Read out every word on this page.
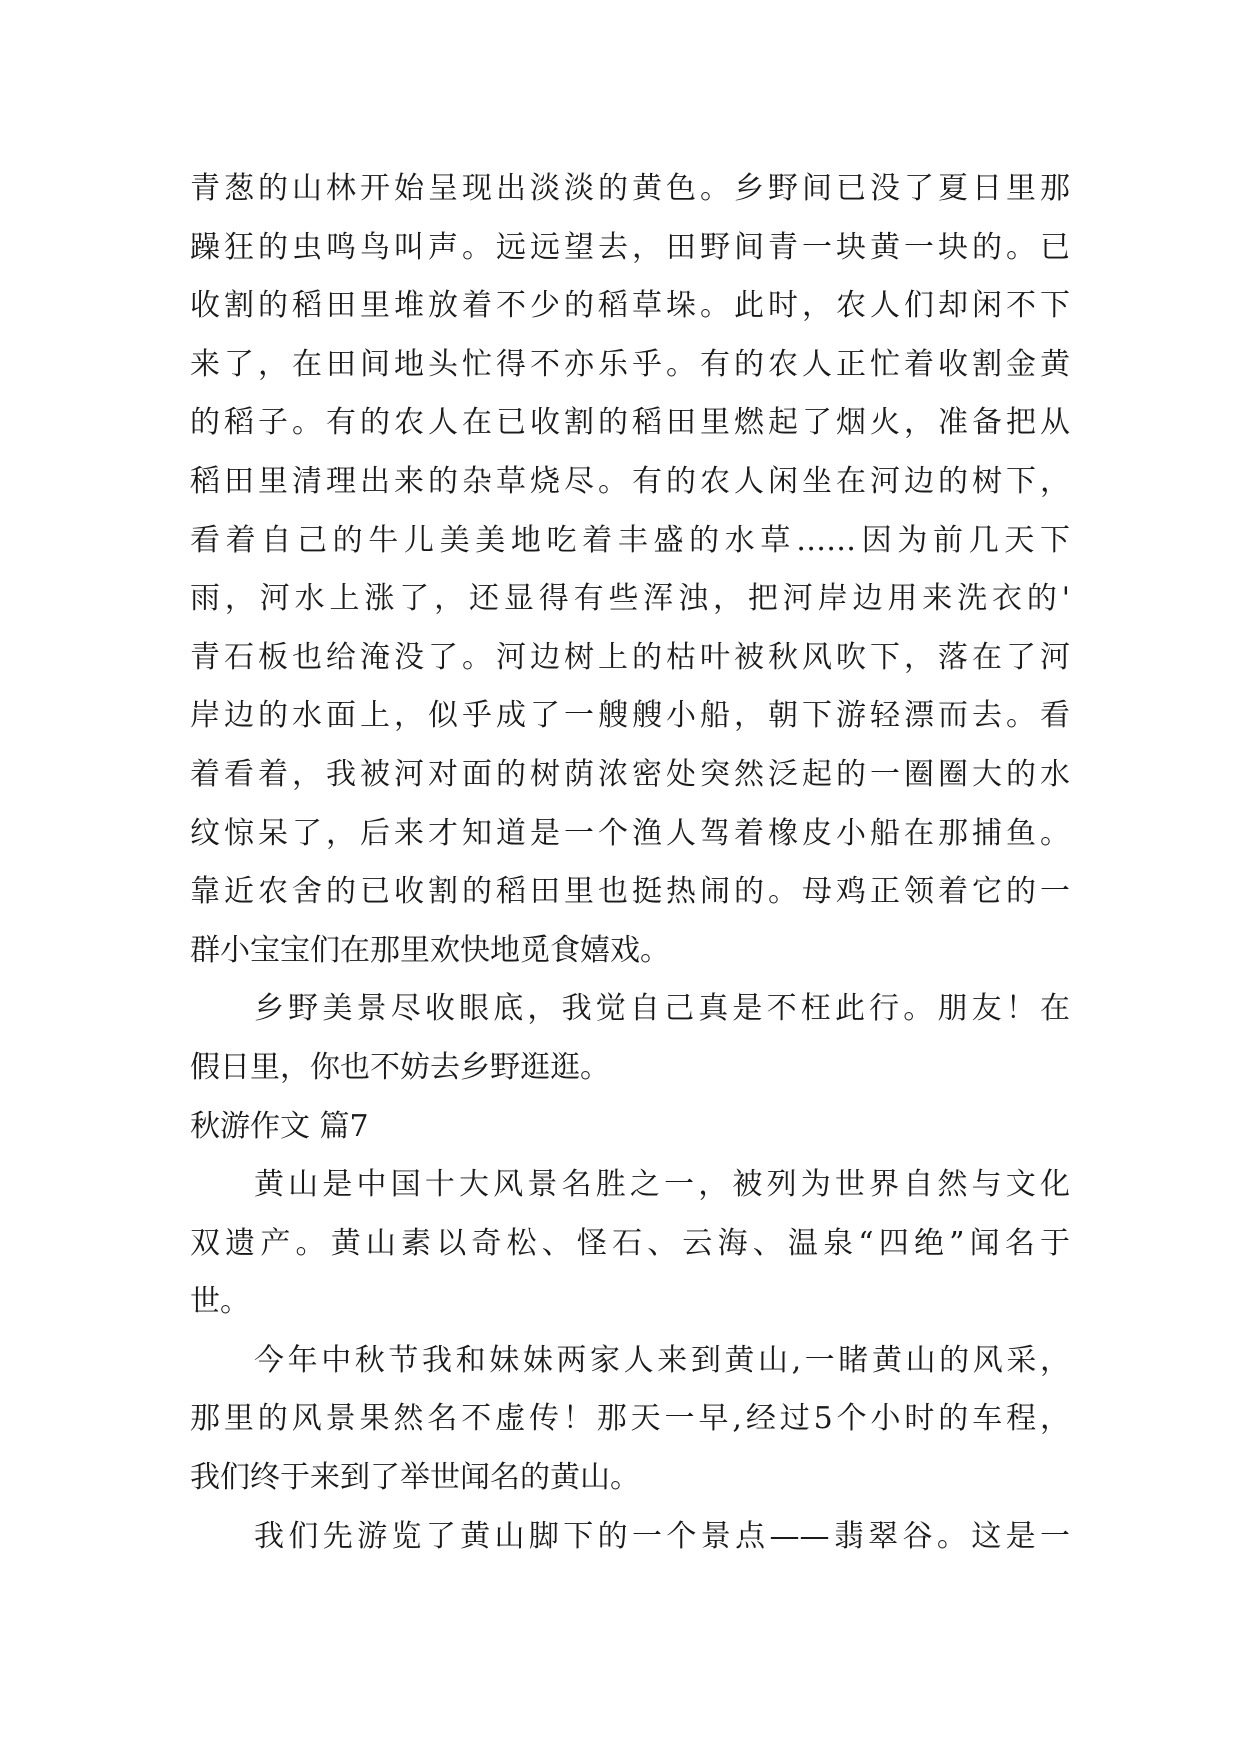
青葱的山林开始呈现出淡淡的黄色。乡野间已没了夏日里那
躁狂的虫鸣鸟叫声。远远望去，田野间青一块黄一块的。已
收割的稻田里堆放着不少的稻草垛。此时，农人们却闲不下
来了，在田间地头忙得不亦乐乎。有的农人正忙着收割金黄
的稻子。有的农人在已收割的稻田里燃起了烟火，准备把从
稻田里清理出来的杂草烧尽。有的农人闲坐在河边的树下，
看着自己的牛儿美美地吃着丰盛的水草……因为前几天下
雨，河水上涨了，还显得有些浑浊，把河岸边用来洗衣的'
青石板也给淹没了。河边树上的枯叶被秋风吹下，落在了河
岸边的水面上，似乎成了一艘艘小船，朝下游轻漂而去。看
着看着，我被河对面的树荫浓密处突然泛起的一圈圈大的水
纹惊呆了，后来才知道是一个渔人驾着橡皮小船在那捕鱼。
靠近农舍的已收割的稻田里也挺热闹的。母鸡正领着它的一
群小宝宝们在那里欢快地觅食嬉戏。
乡野美景尽收眼底，我觉自己真是不枉此行。朋友！在
假日里，你也不妨去乡野逛逛。
秋游作文 篇7
黄山是中国十大风景名胜之一，被列为世界自然与文化
双遗产。黄山素以奇松、怪石、云海、温泉“四绝”闻名于
世。
今年中秋节我和妹妹两家人来到黄山,一睹黄山的风采，
那里的风景果然名不虚传！那天一早,经过5个小时的车程，
我们终于来到了举世闻名的黄山。
我们先游览了黄山脚下的一个景点——翡翠谷。这是一
